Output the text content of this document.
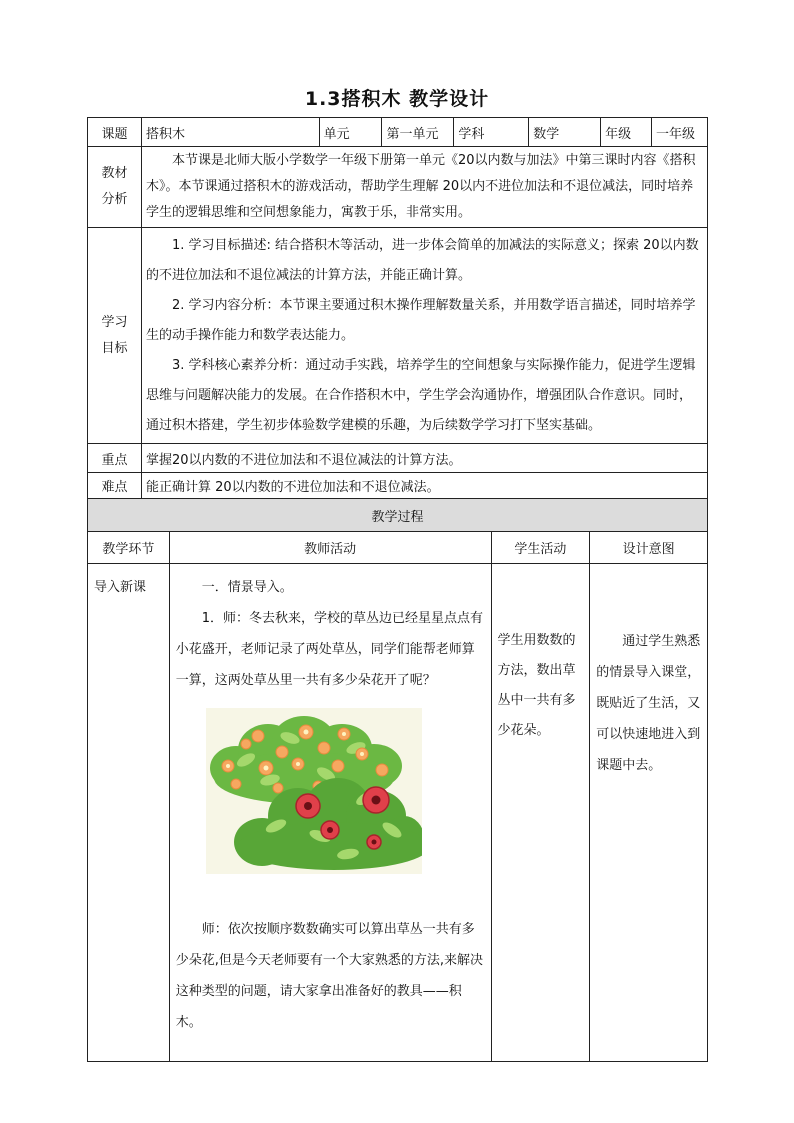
1.3搭积木 教学设计
课题	搭积木	单元	第一单元	学科	数学	年级	一年级
教材分析	本节课是北师大版小学数学一年级下册第一单元《20以内数与加法》中第三课时内容《搭积木》。本节课通过搭积木的游戏活动，帮助学生理解 20以内不进位加法和不退位减法，同时培养学生的逻辑思维和空间想象能力，寓教于乐，非常实用。						
学习目标	1. 学习目标描述: 结合搭积木等活动，进一步体会简单的加减法的实际意义；探索 20以内数的不进位加法和不退位减法的计算方法，并能正确计算。
2. 学习内容分析：本节课主要通过积木操作理解数量关系，并用数学语言描述，同时培养学生的动手操作能力和数学表达能力。
3. 学科核心素养分析：通过动手实践，培养学生的空间想象与实际操作能力，促进学生逻辑思维与问题解决能力的发展。在合作搭积木中，学生学会沟通协作，增强团队合作意识。同时，通过积木搭建，学生初步体验数学建模的乐趣，为后续数学学习打下坚实基础。						

重点	掌握20以内数的不进位加法和不退位减法的计算方法。						
难点	能正确计算 20以内数的不进位加法和不退位减法。						
教学过程			
教学环节	教师活动	学生活动	设计意图
导入新课	一．情景导入。
1．师：冬去秋来，学校的草丛边已经星星点点有小花盛开，老师记录了两处草丛，同学们能帮老师算一算，这两处草丛里一共有多少朵花开了呢？
师：依次按顺序数数确实可以算出草丛一共有多少朵花,但是今天老师要有一个大家熟悉的方法,来解决这种类型的问题，请大家拿出准备好的教具——积木。	学生用数数的方法，数出草丛中一共有多少花朵。	通过学生熟悉的情景导入课堂，既贴近了生活，又可以快速地进入到课题中去。
